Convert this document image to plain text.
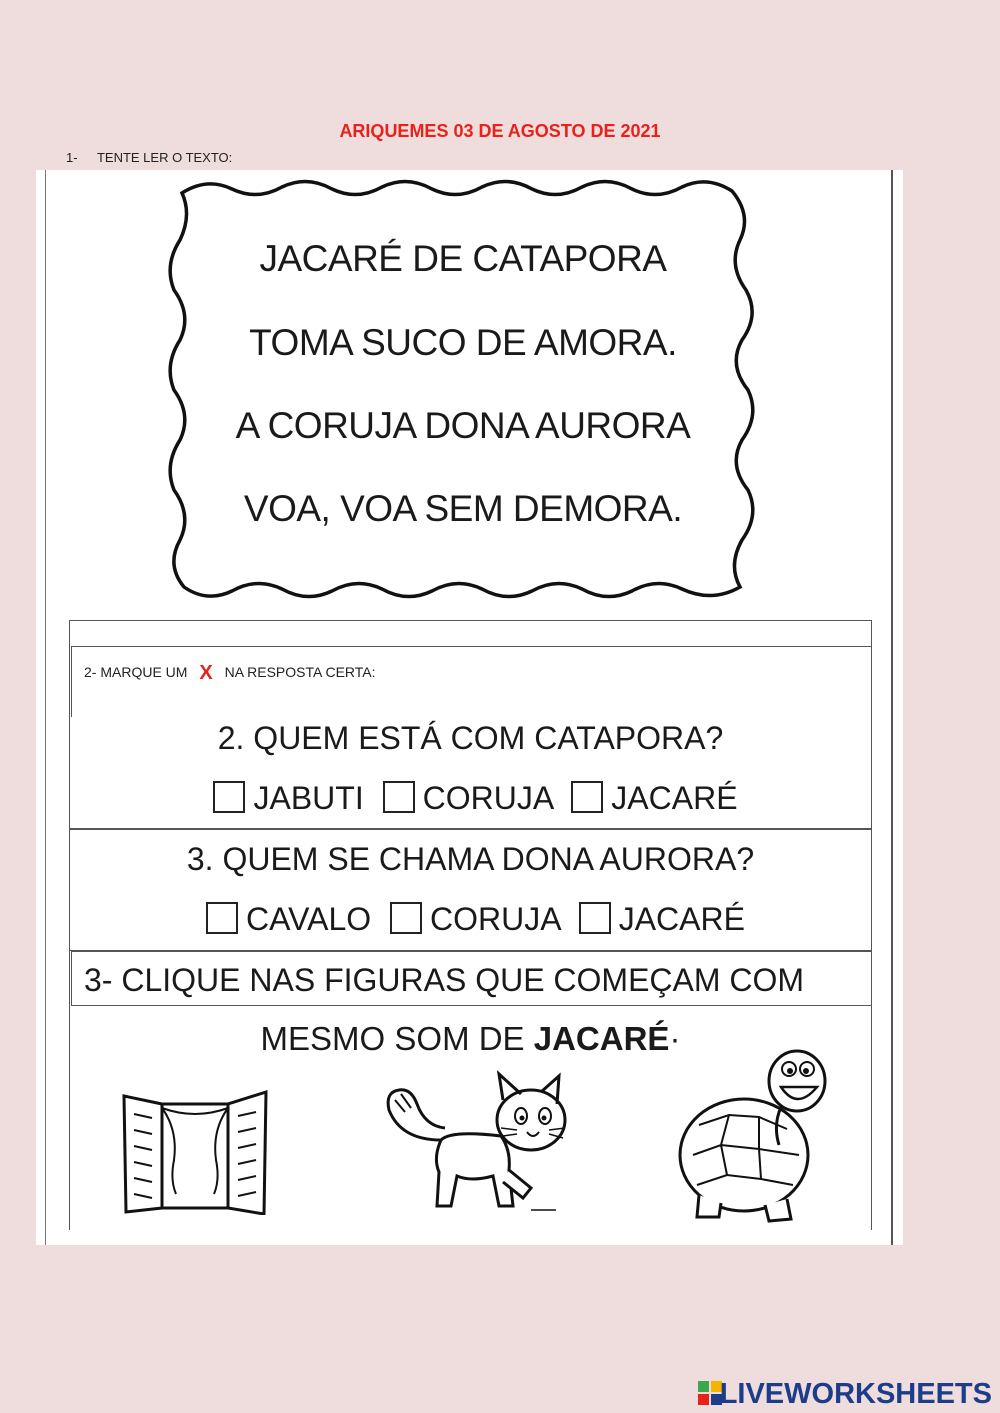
ARIQUEMES 03 DE AGOSTO DE 2021
1- TENTE LER O TEXTO:
JACARÉ DE CATAPORA
TOMA SUCO DE AMORA.
A CORUJA DONA AURORA
VOA, VOA SEM DEMORA.
2- MARQUE UM X NA RESPOSTA CERTA:
2. QUEM ESTÁ COM CATAPORA?
JABUTI CORUJA JACARÉ
3. QUEM SE CHAMA DONA AURORA?
CAVALO CORUJA JACARÉ
3- CLIQUE NAS FIGURAS QUE COMEÇAM COM
MESMO SOM DE JACARÉ·
LIVEWORKSHEETS
